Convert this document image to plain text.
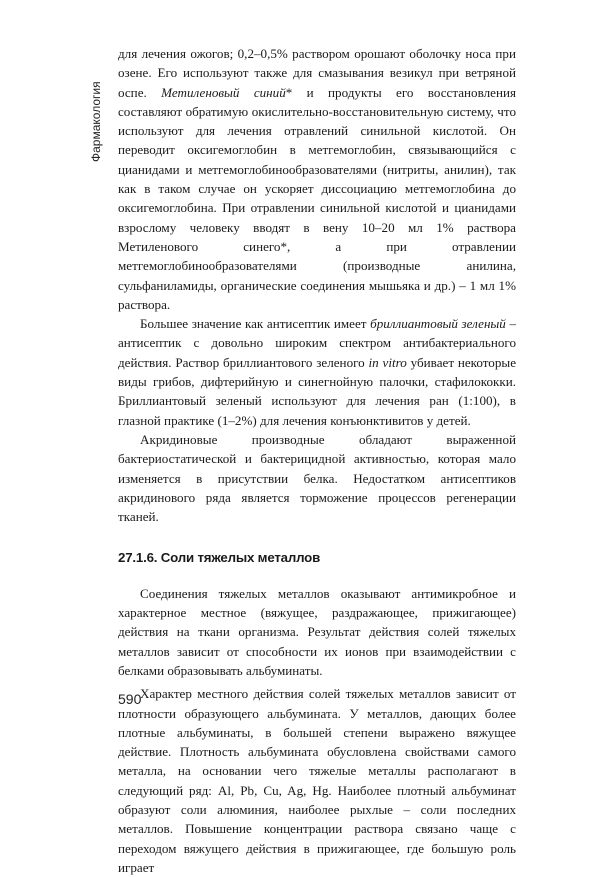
Фармакология

для лечения ожогов; 0,2–0,5% раствором орошают оболочку носа при озене. Его используют также для смазывания везикул при ветряной оспе. Метиленовый синий* и продукты его восстановления составляют обратимую окислительно-восстановительную систему, что используют для лечения отравлений синильной кислотой. Он переводит оксигемоглобин в метгемоглобин, связывающийся с цианидами и метгемоглобинообразователями (нитриты, анилин), так как в таком случае он ускоряет диссоциацию метгемоглобина до оксигемоглобина. При отравлении синильной кислотой и цианидами взрослому человеку вводят в вену 10–20 мл 1% раствора Метиленового синего*, а при отравлении метгемоглобинообразователями (производные анилина, сульфаниламиды, органические соединения мышьяка и др.) – 1 мл 1% раствора.

Большее значение как антисептик имеет бриллиантовый зеленый – антисептик с довольно широким спектром антибактериального действия. Раствор бриллиантового зеленого in vitro убивает некоторые виды грибов, дифтерийную и синегнойную палочки, стафилококки. Бриллиантовый зеленый используют для лечения ран (1:100), в глазной практике (1–2%) для лечения конъюнктивитов у детей.

Акридиновые производные обладают выраженной бактериостатической и бактерицидной активностью, которая мало изменяется в присутствии белка. Недостатком антисептиков акридинового ряда является торможение процессов регенерации тканей.

27.1.6. Соли тяжелых металлов

Соединения тяжелых металлов оказывают антимикробное и характерное местное (вяжущее, раздражающее, прижигающее) действия на ткани организма. Результат действия солей тяжелых металлов зависит от способности их ионов при взаимодействии с белками образовывать альбуминаты.

Характер местного действия солей тяжелых металлов зависит от плотности образующего альбумината. У металлов, дающих более плотные альбуминаты, в большей степени выражено вяжущее действие. Плотность альбумината обусловлена свойствами самого металла, на основании чего тяжелые металлы располагают в следующий ряд: Al, Pb, Cu, Ag, Hg. Наиболее плотный альбуминат образуют соли алюминия, наиболее рыхлые – соли последних металлов. Повышение концентрации раствора связано чаще с переходом вяжущего действия в прижигающее, где большую роль играет

590
